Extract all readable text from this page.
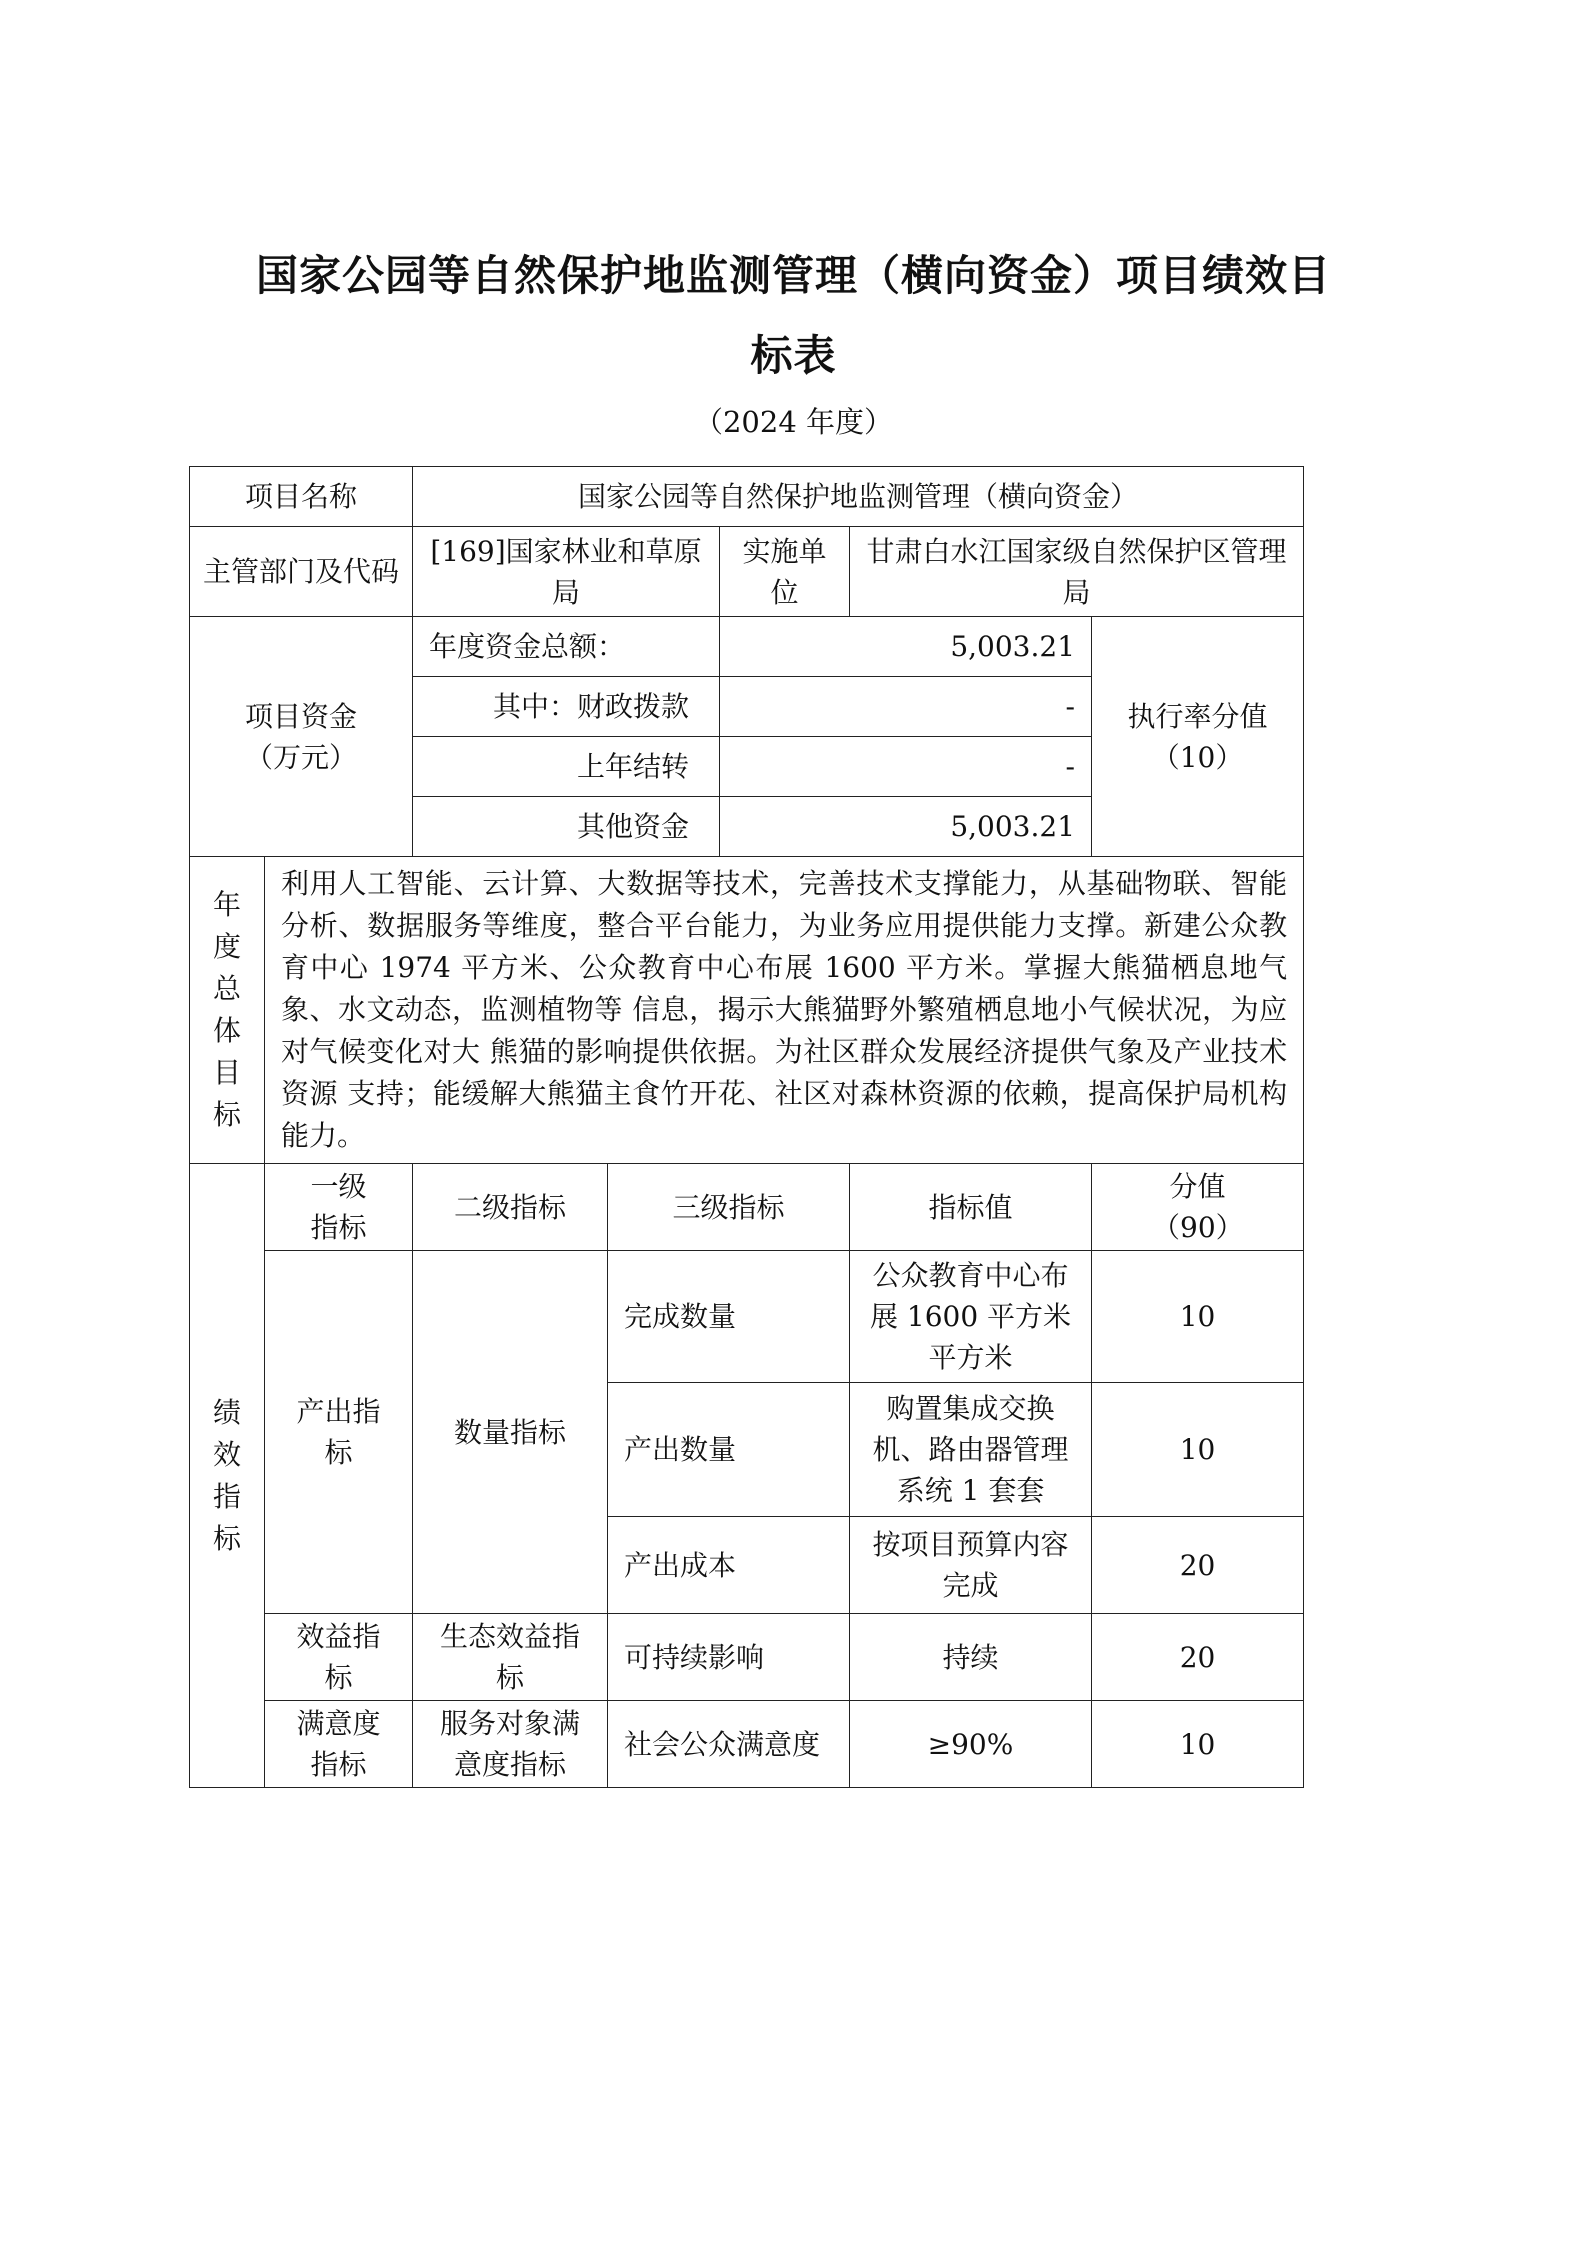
国家公园等自然保护地监测管理（横向资金）项目绩效目
标表
（2024 年度）
项目名称		国家公园等自然保护地监测管理（横向资金）				
主管部门及代码		[169]国家林业和草原局		实施单位	甘肃白水江国家级自然保护区管理局	
项目资金（万元）		年度资金总额：		5,003.21		执行率分值（10）
		其中：财政拨款		-		
		上年结转		-		
		其他资金		5,003.21		

年度总体目标	利用人工智能、云计算、大数据等技术，完善技术支撑能力，从基础物联、智能分析、数据服务等维度，整合平台能力，为业务应用提供能力支撑。新建公众教育中心 1974 平方米、公众教育中心布展 1600 平方米。掌握大熊猫栖息地气象、水文动态，监测植物等 信息，揭示大熊猫野外繁殖栖息地小气候状况，为应对气候变化对大 熊猫的影响提供依据。为社区群众发展经济提供气象及产业技术资源 支持；能缓解大熊猫主食竹开花、社区对森林资源的依赖，提高保护局机构能力。					

绩效指标	一级指标	二级指标	三级指标		指标值	分值（90）
	产出指标	数量指标	完成数量		公众教育中心布展 1600 平方米平方米	10
			产出数量		购置集成交换机、路由器管理系统 1 套套	10
			产出成本		按项目预算内容完成	20
	效益指标	生态效益指标	可持续影响		持续	20
	满意度指标	服务对象满意度指标	社会公众满意度		≥90%	10
